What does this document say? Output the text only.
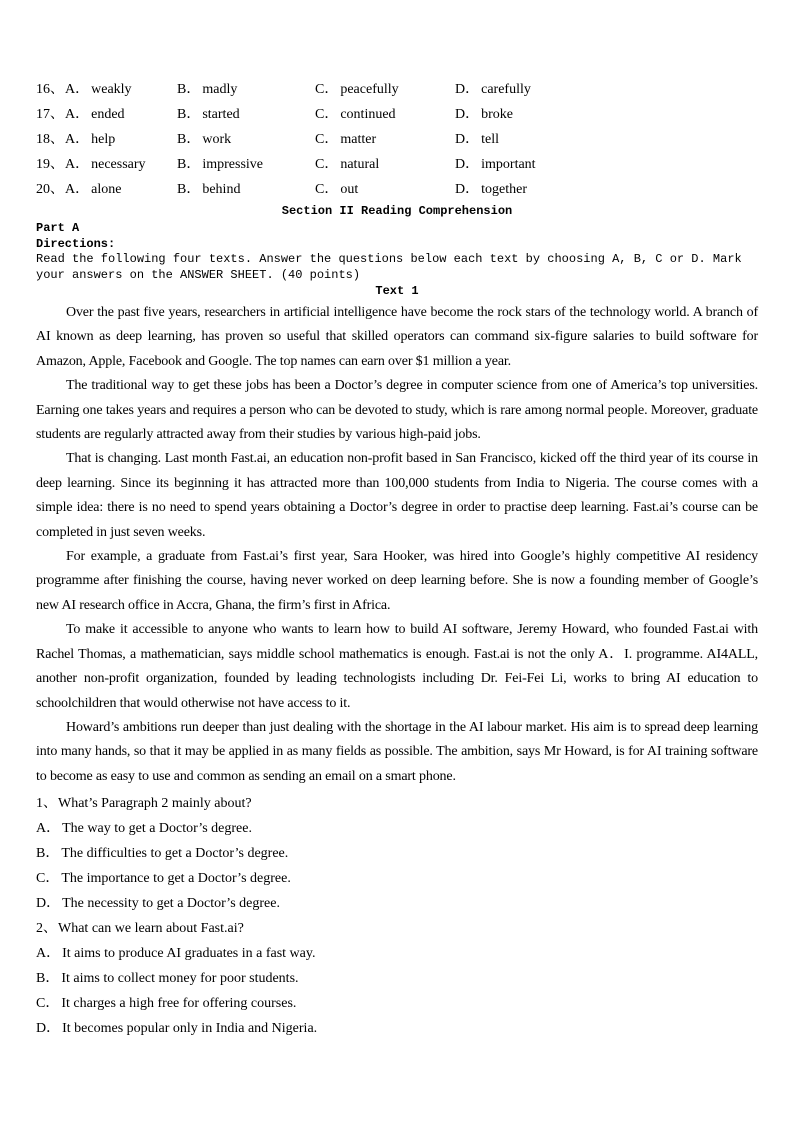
16、A． weakly	B． madly	C． peacefully	D． carefully
17、A． ended	B． started	C． continued	D． broke
18、A． help	B． work	C． matter	D． tell
19、A． necessary	B． impressive	C． natural	D． important
20、A． alone	B． behind	C． out	D． together
Section II Reading Comprehension
Part A
Directions:
Read the following four texts. Answer the questions below each text by choosing A, B, C or D. Mark your answers on the ANSWER SHEET. (40 points)
Text 1

Over the past five years, researchers in artificial intelligence have become the rock stars of the technology world. A branch of AI known as deep learning, has proven so useful that skilled operators can command six-figure salaries to build software for Amazon, Apple, Facebook and Google. The top names can earn over $1 million a year.

The traditional way to get these jobs has been a Doctor’s degree in computer science from one of America’s top universities. Earning one takes years and requires a person who can be devoted to study, which is rare among normal people. Moreover, graduate students are regularly attracted away from their studies by various high-paid jobs.

That is changing. Last month Fast.ai, an education non-profit based in San Francisco, kicked off the third year of its course in deep learning. Since its beginning it has attracted more than 100,000 students from India to Nigeria. The course comes with a simple idea: there is no need to spend years obtaining a Doctor’s degree in order to practise deep learning. Fast.ai’s course can be completed in just seven weeks.

For example, a graduate from Fast.ai’s first year, Sara Hooker, was hired into Google’s highly competitive AI residency programme after finishing the course, having never worked on deep learning before. She is now a founding member of Google’s new AI research office in Accra, Ghana, the firm’s first in Africa.

To make it accessible to anyone who wants to learn how to build AI software, Jeremy Howard, who founded Fast.ai with Rachel Thomas, a mathematician, says middle school mathematics is enough. Fast.ai is not the only A．I. programme. AI4ALL, another non-profit organization, founded by leading technologists including Dr. Fei-Fei Li, works to bring AI education to schoolchildren that would otherwise not have access to it.

Howard’s ambitions run deeper than just dealing with the shortage in the AI labour market. His aim is to spread deep learning into many hands, so that it may be applied in as many fields as possible. The ambition, says Mr Howard, is for AI training software to become as easy to use and common as sending an email on a smart phone.

1、What’s Paragraph 2 mainly about?
A． The way to get a Doctor’s degree.
B． The difficulties to get a Doctor’s degree.
C． The importance to get a Doctor’s degree.
D． The necessity to get a Doctor’s degree.
2、What can we learn about Fast.ai?
A． It aims to produce AI graduates in a fast way.
B． It aims to collect money for poor students.
C． It charges a high free for offering courses.
D． It becomes popular only in India and Nigeria.
